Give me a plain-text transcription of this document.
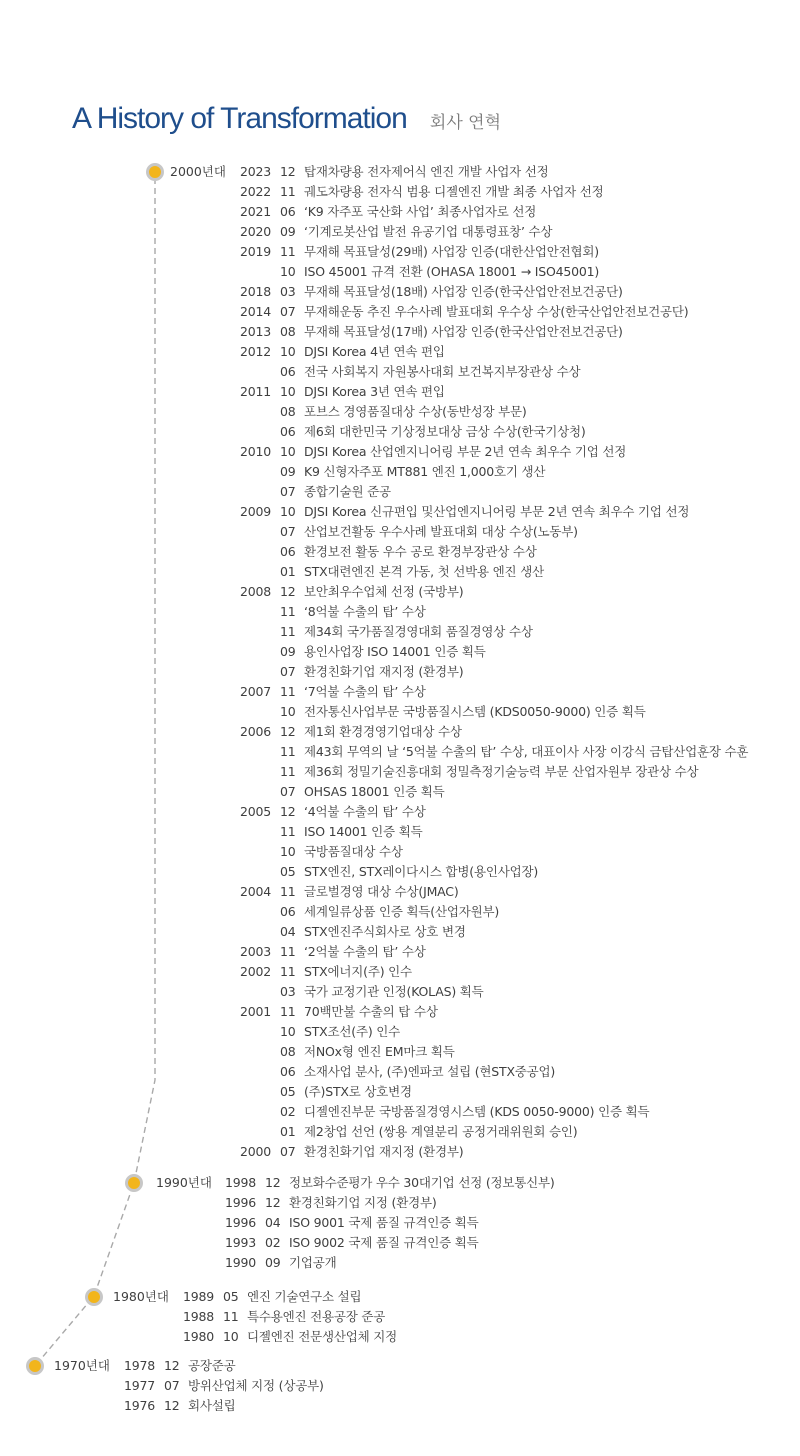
A History of Transformation 회사 연혁
2000년대 2023 12 탑재차량용 전자제어식 엔진 개발 사업자 선정
2022 11 궤도차량용 전자식 범용 디젤엔진 개발 최종 사업자 선정
2021 06 ‘K9 자주포 국산화 사업’ 최종사업자로 선정
2020 09 ‘기계로봇산업 발전 유공기업 대통령표창’ 수상
2019 11 무재해 목표달성(29배) 사업장 인증(대한산업안전협회)
10 ISO 45001 규격 전환 (OHASA 18001 → ISO45001)
2018 03 무재해 목표달성(18배) 사업장 인증(한국산업안전보건공단)
2014 07 무재해운동 추진 우수사례 발표대회 우수상 수상(한국산업안전보건공단)
2013 08 무재해 목표달성(17배) 사업장 인증(한국산업안전보건공단)
2012 10 DJSI Korea 4년 연속 편입
06 전국 사회복지 자원봉사대회 보건복지부장관상 수상
2011 10 DJSI Korea 3년 연속 편입
08 포브스 경영품질대상 수상(동반성장 부문)
06 제6회 대한민국 기상정보대상 금상 수상(한국기상청)
2010 10 DJSI Korea 산업엔지니어링 부문 2년 연속 최우수 기업 선정
09 K9 신형자주포 MT881 엔진 1,000호기 생산
07 종합기술원 준공
2009 10 DJSI Korea 신규편입 및산업엔지니어링 부문 2년 연속 최우수 기업 선정
07 산업보건활동 우수사례 발표대회 대상 수상(노동부)
06 환경보전 활동 우수 공로 환경부장관상 수상
01 STX대련엔진 본격 가동, 첫 선박용 엔진 생산
2008 12 보안최우수업체 선정 (국방부)
11 ‘8억불 수출의 탑’ 수상
11 제34회 국가품질경영대회 품질경영상 수상
09 용인사업장 ISO 14001 인증 획득
07 환경친화기업 재지정 (환경부)
2007 11 ‘7억불 수출의 탑’ 수상
10 전자통신사업부문 국방품질시스템 (KDS0050-9000) 인증 획득
2006 12 제1회 환경경영기업대상 수상
11 제43회 무역의 날 ‘5억불 수출의 탑’ 수상, 대표이사 사장 이강식 금탑산업훈장 수훈
11 제36회 정밀기술진흥대회 정밀측정기술능력 부문 산업자원부 장관상 수상
07 OHSAS 18001 인증 획득
2005 12 ‘4억불 수출의 탑’ 수상
11 ISO 14001 인증 획득
10 국방품질대상 수상
05 STX엔진, STX레이다시스 합병(용인사업장)
2004 11 글로벌경영 대상 수상(JMAC)
06 세계일류상품 인증 획득(산업자원부)
04 STX엔진주식회사로 상호 변경
2003 11 ‘2억불 수출의 탑’ 수상
2002 11 STX에너지(주) 인수
03 국가 교정기관 인정(KOLAS) 획득
2001 11 70백만불 수출의 탑 수상
10 STX조선(주) 인수
08 저NOx형 엔진 EM마크 획득
06 소재사업 분사, (주)엔파코 설립 (현STX중공업)
05 (주)STX로 상호변경
02 디젤엔진부문 국방품질경영시스템 (KDS 0050-9000) 인증 획득
01 제2창업 선언 (쌍용 계열분리 공정거래위원회 승인)
2000 07 환경친화기업 재지정 (환경부)
1990년대 1998 12 정보화수준평가 우수 30대기업 선정 (정보통신부)
1996 12 환경친화기업 지정 (환경부)
1996 04 ISO 9001 국제 품질 규격인증 획득
1993 02 ISO 9002 국제 품질 규격인증 획득
1990 09 기업공개
1980년대 1989 05 엔진 기술연구소 설립
1988 11 특수용엔진 전용공장 준공
1980 10 디젤엔진 전문생산업체 지정
1970년대 1978 12 공장준공
1977 07 방위산업체 지정 (상공부)
1976 12 회사설립
